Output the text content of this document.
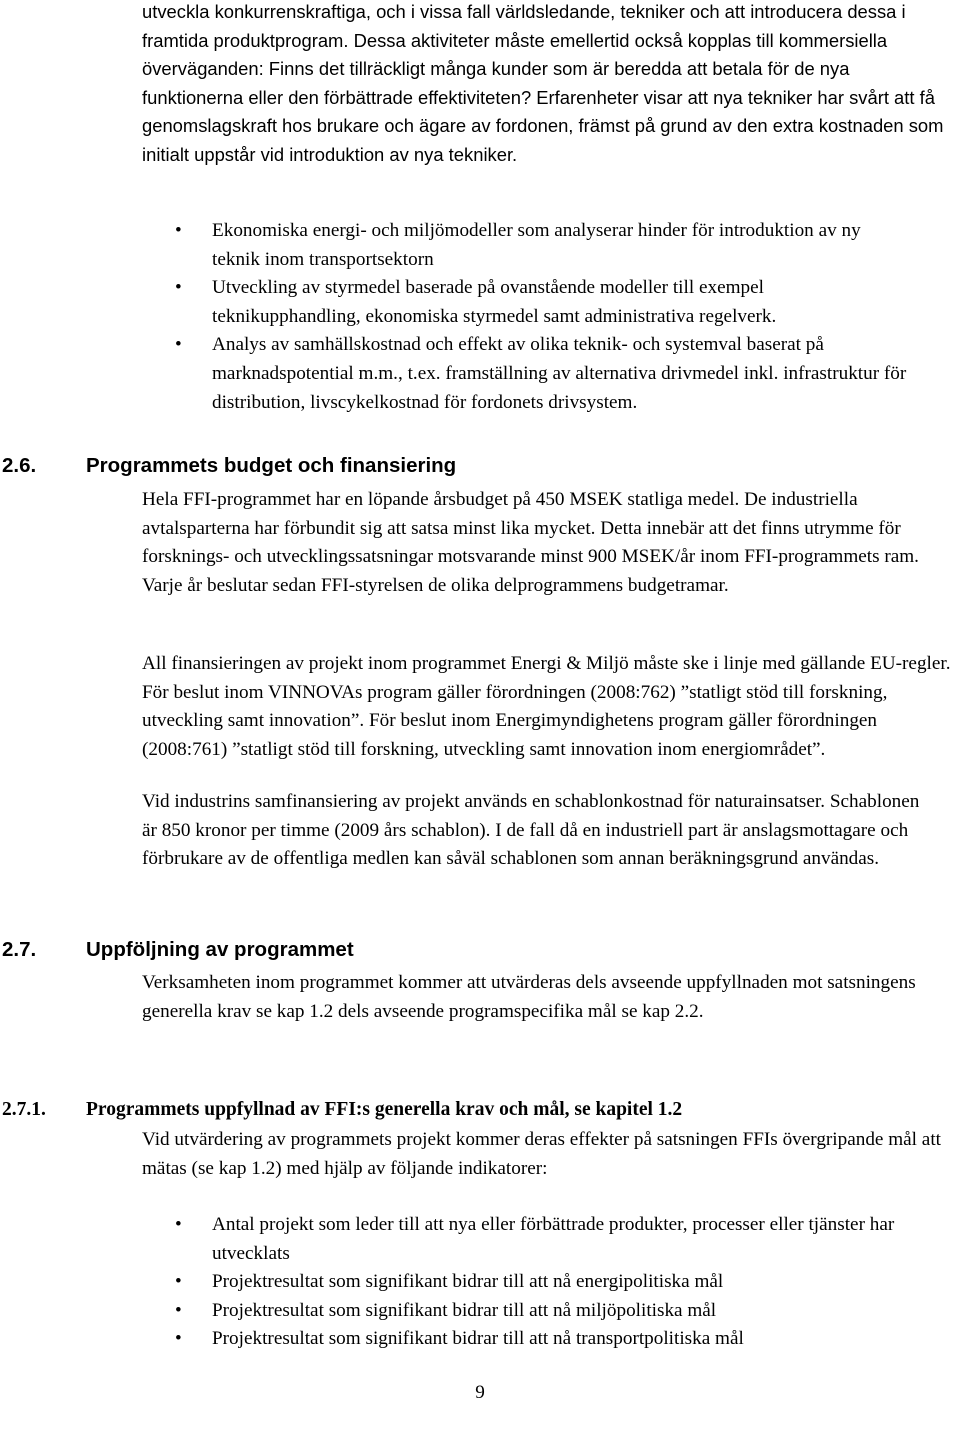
utveckla konkurrenskraftiga, och i vissa fall världsledande, tekniker och att introducera dessa i framtida produktprogram. Dessa aktiviteter måste emellertid också kopplas till kommersiella överväganden: Finns det tillräckligt många kunder som är beredda att betala för de nya funktionerna eller den förbättrade effektiviteten? Erfarenheter visar att nya tekniker har svårt att få genomslagskraft hos brukare och ägare av fordonen, främst på grund av den extra kostnaden som initialt uppstår vid introduktion av nya tekniker.
• Ekonomiska energi- och miljömodeller som analyserar hinder för introduktion av ny teknik inom transportsektorn
• Utveckling av styrmedel baserade på ovanstående modeller till exempel teknikupphandling, ekonomiska styrmedel samt administrativa regelverk.
• Analys av samhällskostnad och effekt av olika teknik- och systemval baserat på marknadspotential m.m., t.ex. framställning av alternativa drivmedel inkl. infrastruktur för distribution, livscykelkostnad för fordonets drivsystem.
2.6. Programmets budget och finansiering
Hela FFI-programmet har en löpande årsbudget på 450 MSEK statliga medel. De industriella avtalsparterna har förbundit sig att satsa minst lika mycket. Detta innebär att det finns utrymme för forsknings- och utvecklingssatsningar motsvarande minst 900 MSEK/år inom FFI-programmets ram. Varje år beslutar sedan FFI-styrelsen de olika delprogrammens budgetramar.
All finansieringen av projekt inom programmet Energi & Miljö måste ske i linje med gällande EU-regler. För beslut inom VINNOVAs program gäller förordningen (2008:762) ”statligt stöd till forskning, utveckling samt innovation”. För beslut inom Energimyndighetens program gäller förordningen (2008:761) ”statligt stöd till forskning, utveckling samt innovation inom energiområdet”.
Vid industrins samfinansiering av projekt används en schablonkostnad för naturainsatser. Schablonen är 850 kronor per timme (2009 års schablon). I de fall då en industriell part är anslagsmottagare och förbrukare av de offentliga medlen kan såväl schablonen som annan beräkningsgrund användas.
2.7. Uppföljning av programmet
Verksamheten inom programmet kommer att utvärderas dels avseende uppfyllnaden mot satsningens generella krav se kap 1.2 dels avseende programspecifika mål se kap 2.2.
2.7.1. Programmets uppfyllnad av FFI:s generella krav och mål, se kapitel 1.2
Vid utvärdering av programmets projekt kommer deras effekter på satsningen FFIs övergripande mål att mätas (se kap 1.2) med hjälp av följande indikatorer:
• Antal projekt som leder till att nya eller förbättrade produkter, processer eller tjänster har utvecklats
• Projektresultat som signifikant bidrar till att nå energipolitiska mål
• Projektresultat som signifikant bidrar till att nå miljöpolitiska mål
• Projektresultat som signifikant bidrar till att nå transportpolitiska mål
9
